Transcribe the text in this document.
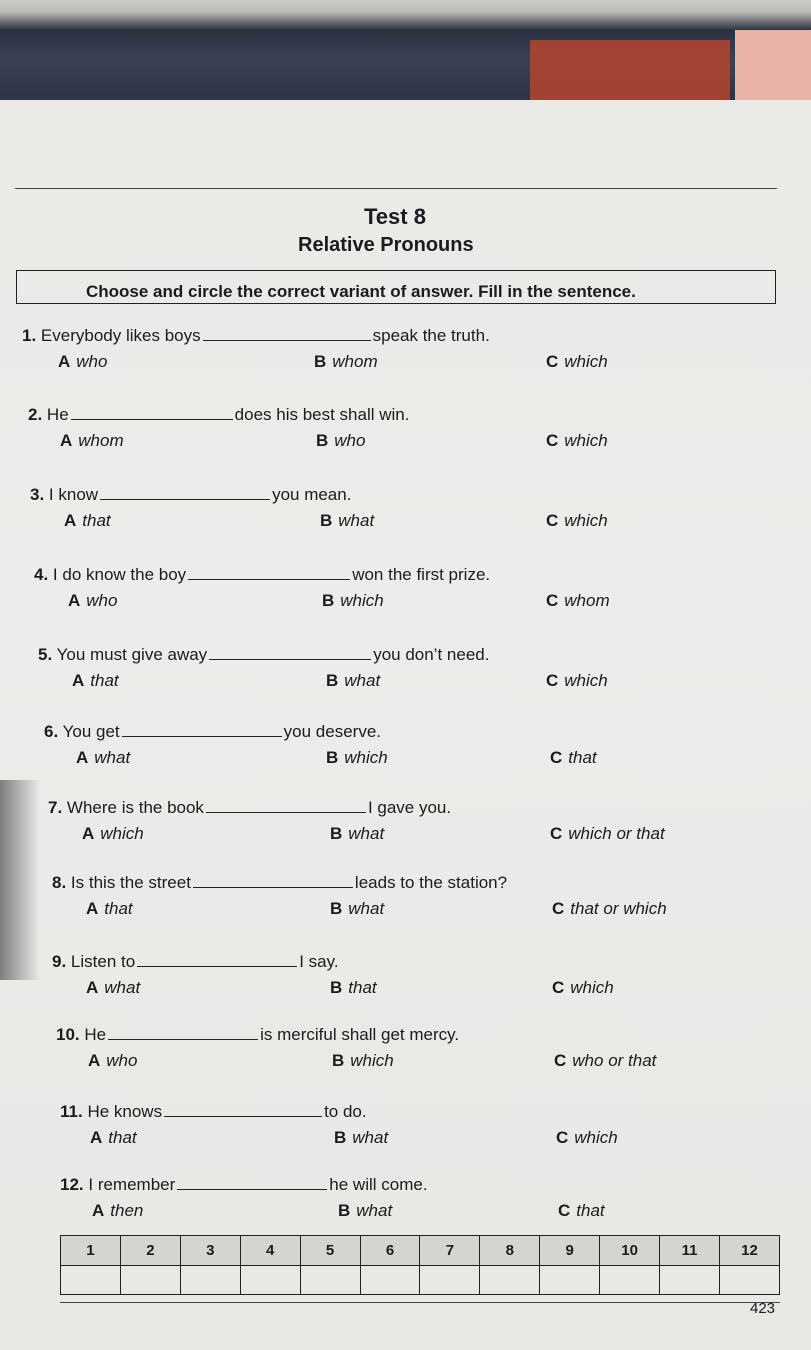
Test 8
Relative Pronouns
Choose and circle the correct variant of answer. Fill in the sentence.
1. Everybody likes boys	speak the truth.
A who	B whom	C which
2. He	does his best shall win.
A whom	B who	C which
3. I know	you mean.
A that	B what	C which
4. I do know the boy	won the first prize.
A who	B which	C whom
5. You must give away	you don’t need.
A that	B what	C which
6. You get	you deserve.
A what	B which	C that
7. Where is the book	I gave you.
A which	B what	C which or that
8. Is this the street	leads to the station?
A that	B what	C that or which
9. Listen to	I say.
A what	B that	C which
10. He	is merciful shall get mercy.
A who	B which	C who or that
11. He knows	to do.
A that	B what	C which
12. I remember	he will come.
A then	B what	C that
1	2	3	4	5	6	7	8	9	10	11	12

423
